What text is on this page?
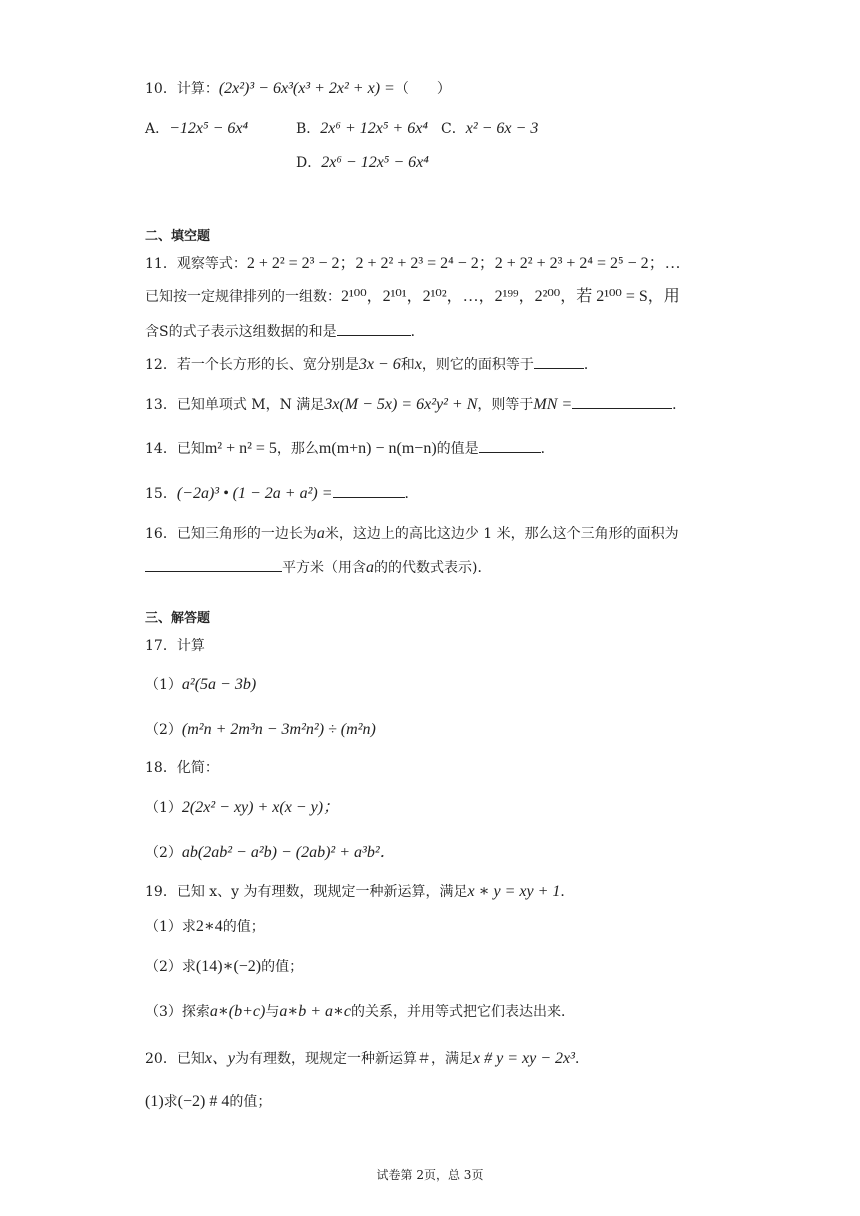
10．计算：(2x²)³ − 6x³(x³ + 2x² + x) =（　　）
A．−12x⁵ − 6x⁴	B．2x⁶ + 12x⁵ + 6x⁴ C．x² − 6x − 3
D．2x⁶ − 12x⁵ − 6x⁴
二、填空题
11．观察等式：2 + 2² = 2³ − 2；2 + 2² + 2³ = 2⁴ − 2；2 + 2² + 2³ + 2⁴ = 2⁵ − 2；…
已知按一定规律排列的一组数：2¹⁰⁰，2¹⁰¹，2¹⁰²，…，2¹⁹⁹，2²⁰⁰，若 2¹⁰⁰ = S，用
含S的式子表示这组数据的和是	．
12．若一个长方形的长、宽分别是3x − 6和x，则它的面积等于	．
13．已知单项式 M，N 满足3x(M − 5x) = 6x²y² + N，则等于MN =	．
14．已知m² + n² = 5，那么m(m+n) − n(m−n)的值是	．
15．(−2a)³ • (1 − 2a + a²) =	．
16．已知三角形的一边长为a米，这边上的高比这边少 1 米，那么这个三角形的面积为
平方米（用含a的的代数式表示)．
三、解答题
17．计算
（1）a²(5a − 3b)
（2）(m²n + 2m³n − 3m²n²) ÷ (m²n)
18．化简：
（1）2(2x² − xy) + x(x − y)；
（2）ab(2ab² − a²b) − (2ab)² + a³b²．
19．已知 x、y 为有理数，现规定一种新运算，满足x ∗ y = xy + 1．
（1）求2∗4的值；
（2）求(14)∗(−2)的值；
（3）探索a∗(b+c)与a∗b + a∗c的关系，并用等式把它们表达出来．
20．已知x、y为有理数，现规定一种新运算＃，满足x # y = xy − 2x³．
(1)求(−2) # 4的值；
试卷第 2页，总 3页
